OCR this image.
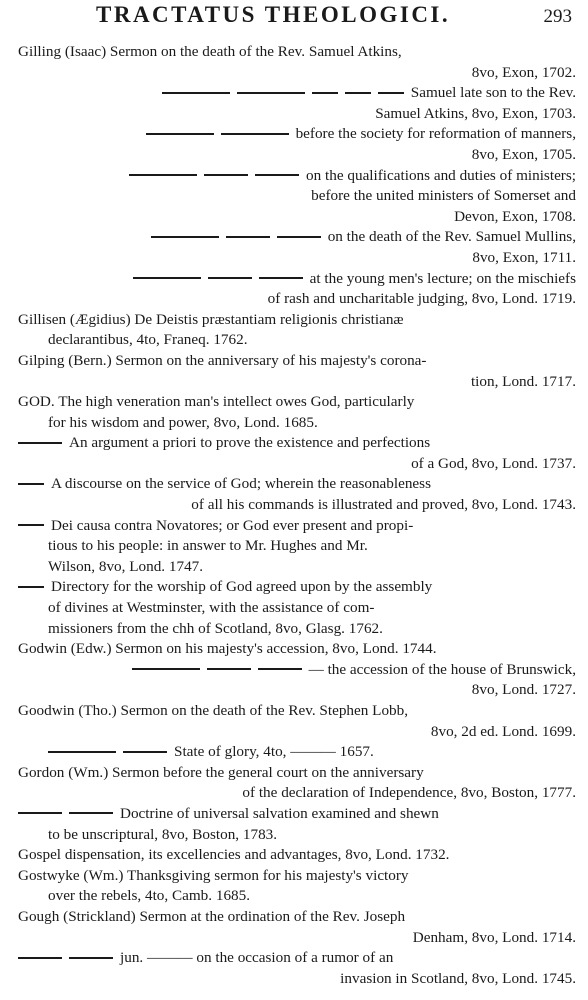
TRACTATUS THEOLOGICI.	293
Gilling (Isaac) Sermon on the death of the Rev. Samuel Atkins,
8vo, Exon, 1702.
Samuel late son to the Rev.
Samuel Atkins, 8vo, Exon, 1703.
before the society for reformation of manners,
8vo, Exon, 1705.
on the qualifications and duties of ministers;
before the united ministers of Somerset and
Devon, Exon, 1708.
on the death of the Rev. Samuel Mullins,
8vo, Exon, 1711.
at the young men's lecture; on the mischiefs
of rash and uncharitable judging, 8vo, Lond. 1719.
Gillisen (Ægidius) De Deistis præstantiam religionis christianæ
declarantibus, 4to, Franeq. 1762.
Gilping (Bern.) Sermon on the anniversary of his majesty's corona-
tion, Lond. 1717.
GOD. The high veneration man's intellect owes God, particularly
for his wisdom and power, 8vo, Lond. 1685.
An argument a priori to prove the existence and perfections
of a God, 8vo, Lond. 1737.
A discourse on the service of God; wherein the reasonableness
of all his commands is illustrated and proved, 8vo, Lond. 1743.
Dei causa contra Novatores; or God ever present and propi-
tious to his people: in answer to Mr. Hughes and Mr.
Wilson, 8vo, Lond. 1747.
Directory for the worship of God agreed upon by the assembly
of divines at Westminster, with the assistance of com-
missioners from the chh of Scotland, 8vo, Glasg. 1762.
Godwin (Edw.) Sermon on his majesty's accession, 8vo, Lond. 1744.
— the accession of the house of Brunswick,
8vo, Lond. 1727.
Goodwin (Tho.) Sermon on the death of the Rev. Stephen Lobb,
8vo, 2d ed. Lond. 1699.
State of glory, 4to, ——— 1657.
Gordon (Wm.) Sermon before the general court on the anniversary
of the declaration of Independence, 8vo, Boston, 1777.
Doctrine of universal salvation examined and shewn
to be unscriptural, 8vo, Boston, 1783.
Gospel dispensation, its excellencies and advantages, 8vo, Lond. 1732.
Gostwyke (Wm.) Thanksgiving sermon for his majesty's victory
over the rebels, 4to, Camb. 1685.
Gough (Strickland) Sermon at the ordination of the Rev. Joseph
Denham, 8vo, Lond. 1714.
jun. ——— on the occasion of a rumor of an
invasion in Scotland, 8vo, Lond. 1745.
